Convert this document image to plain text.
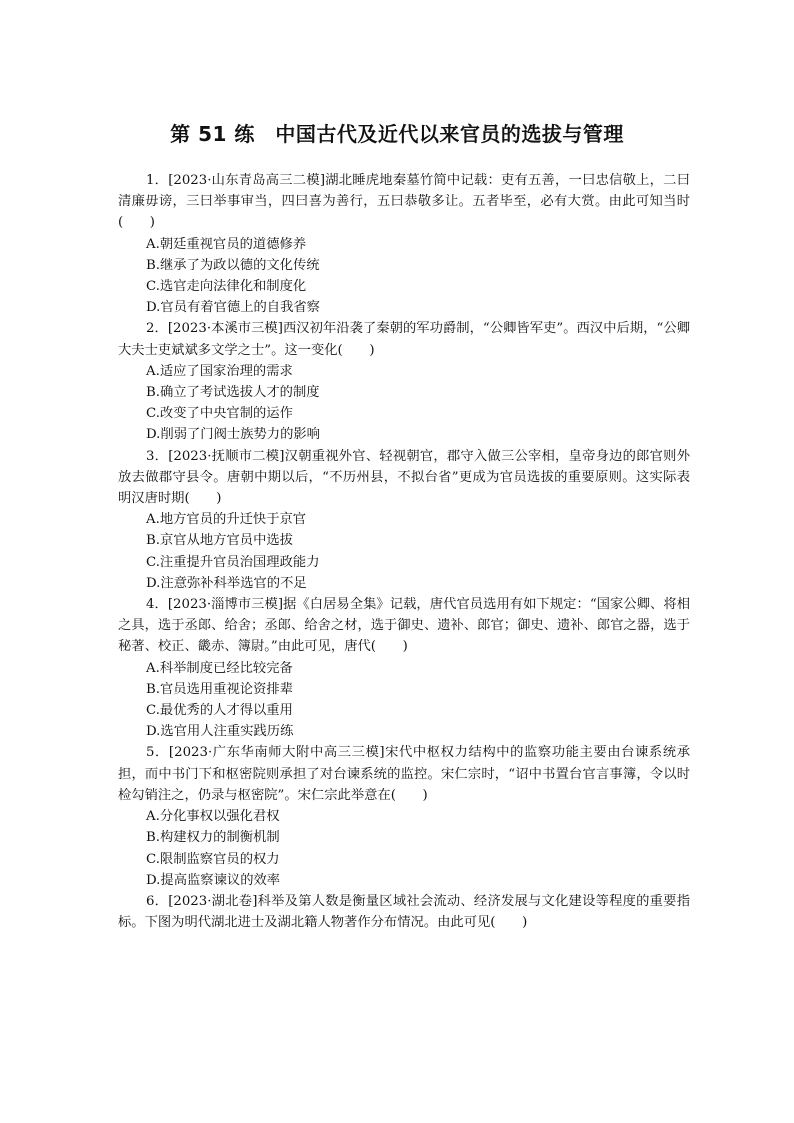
第 51 练　中国古代及近代以来官员的选拔与管理

1．[2023·山东青岛高三二模]湖北睡虎地秦墓竹简中记载：吏有五善，一曰忠信敬上，二曰清廉毋谤，三曰举事审当，四曰喜为善行，五曰恭敬多让。五者毕至，必有大赏。由此可知当时(　　)

A.朝廷重视官员的道德修养

B.继承了为政以德的文化传统

C.选官走向法律化和制度化

D.官员有着官德上的自我省察

2．[2023·本溪市三模]西汉初年沿袭了秦朝的军功爵制，“公卿皆军吏”。西汉中后期，“公卿大夫士吏斌斌多文学之士”。这一变化(　　)

A.适应了国家治理的需求

B.确立了考试选拔人才的制度

C.改变了中央官制的运作

D.削弱了门阀士族势力的影响

3．[2023·抚顺市二模]汉朝重视外官、轻视朝官，郡守入做三公宰相，皇帝身边的郎官则外放去做郡守县令。唐朝中期以后，“不历州县，不拟台省”更成为官员选拔的重要原则。这实际表明汉唐时期(　　)

A.地方官员的升迁快于京官

B.京官从地方官员中选拔

C.注重提升官员治国理政能力

D.注意弥补科举选官的不足

4．[2023·淄博市三模]据《白居易全集》记载，唐代官员选用有如下规定：“国家公卿、将相之具，选于丞郎、给舍；丞郎、给舍之材，选于御史、遗补、郎官；御史、遗补、郎官之器，选于秘著、校正、畿赤、簿尉。”由此可见，唐代(　　)

A.科举制度已经比较完备

B.官员选用重视论资排辈

C.最优秀的人才得以重用

D.选官用人注重实践历练

5．[2023·广东华南师大附中高三三模]宋代中枢权力结构中的监察功能主要由台谏系统承担，而中书门下和枢密院则承担了对台谏系统的监控。宋仁宗时，“诏中书置台官言事簿，令以时检勾销注之，仍录与枢密院”。宋仁宗此举意在(　　)

A.分化事权以强化君权

B.构建权力的制衡机制

C.限制监察官员的权力

D.提高监察谏议的效率

6．[2023·湖北卷]科举及第人数是衡量区域社会流动、经济发展与文化建设等程度的重要指标。下图为明代湖北进士及湖北籍人物著作分布情况。由此可见(　　)
